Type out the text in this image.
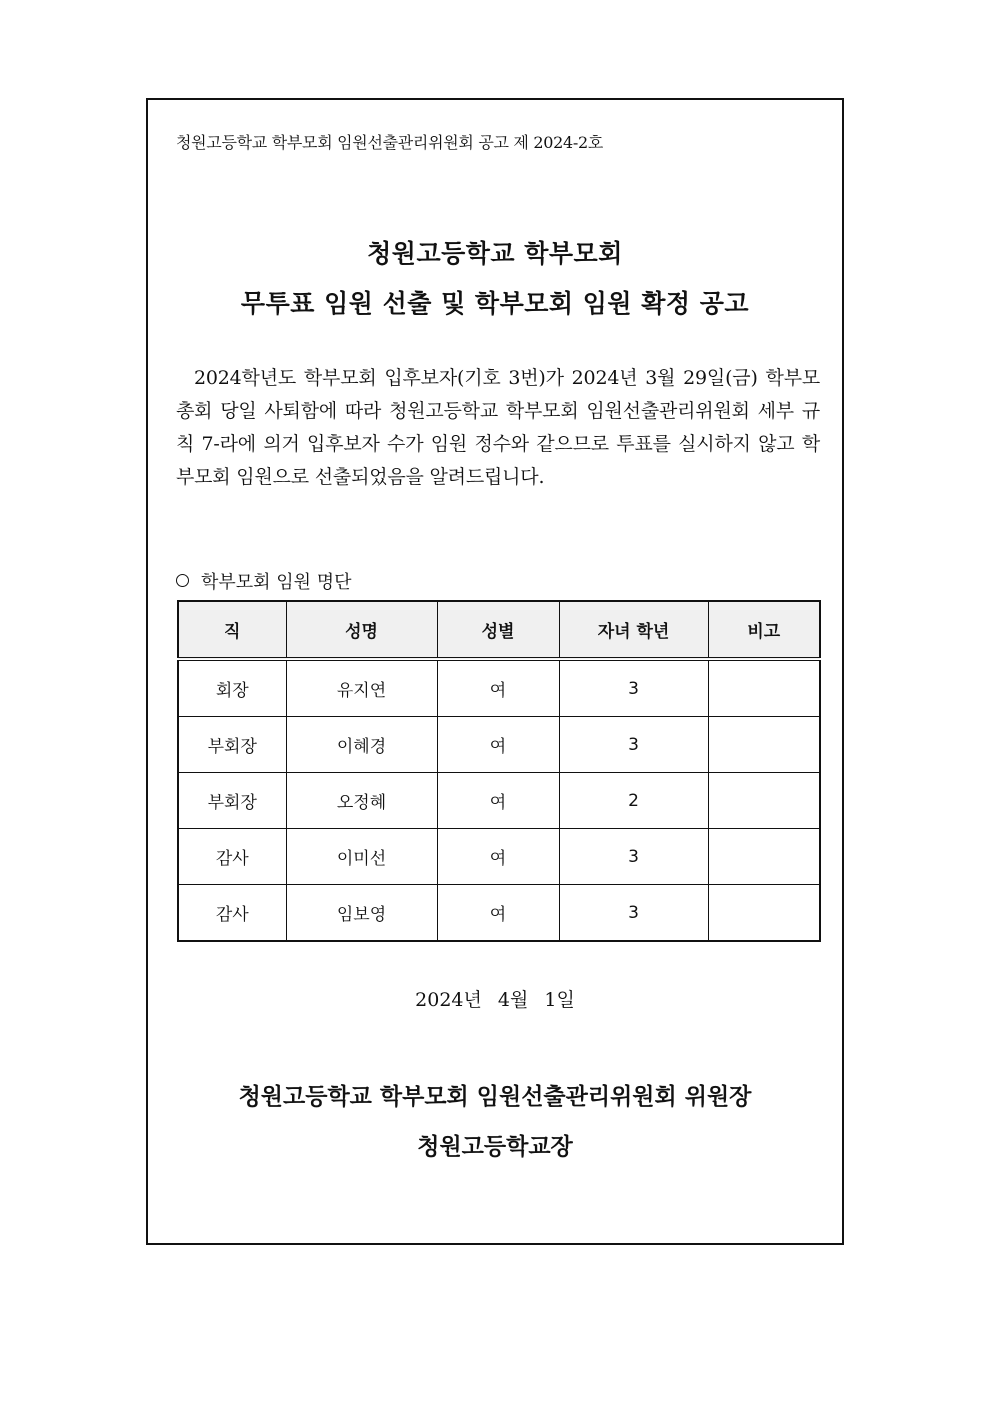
청원고등학교 학부모회 임원선출관리위원회 공고 제 2024-2호
청원고등학교 학부모회
무투표 임원 선출 및 학부모회 임원 확정 공고
2024학년도 학부모회 입후보자(기호 3번)가 2024년 3월 29일(금) 학부모 총회 당일 사퇴함에 따라 청원고등학교 학부모회 임원선출관리위원회 세부 규칙 7-라에 의거 입후보자 수가 임원 정수와 같으므로 투표를 실시하지 않고 학부모회 임원으로 선출되었음을 알려드립니다.
학부모회 임원 명단
직	성명	성별	자녀 학년	비고
회장	유지연	여	3	
부회장	이혜경	여	3	
부회장	오정혜	여	2	
감사	이미선	여	3	
감사	임보영	여	3	
2024년 4월 1일
청원고등학교 학부모회 임원선출관리위원회 위원장
청원고등학교장
